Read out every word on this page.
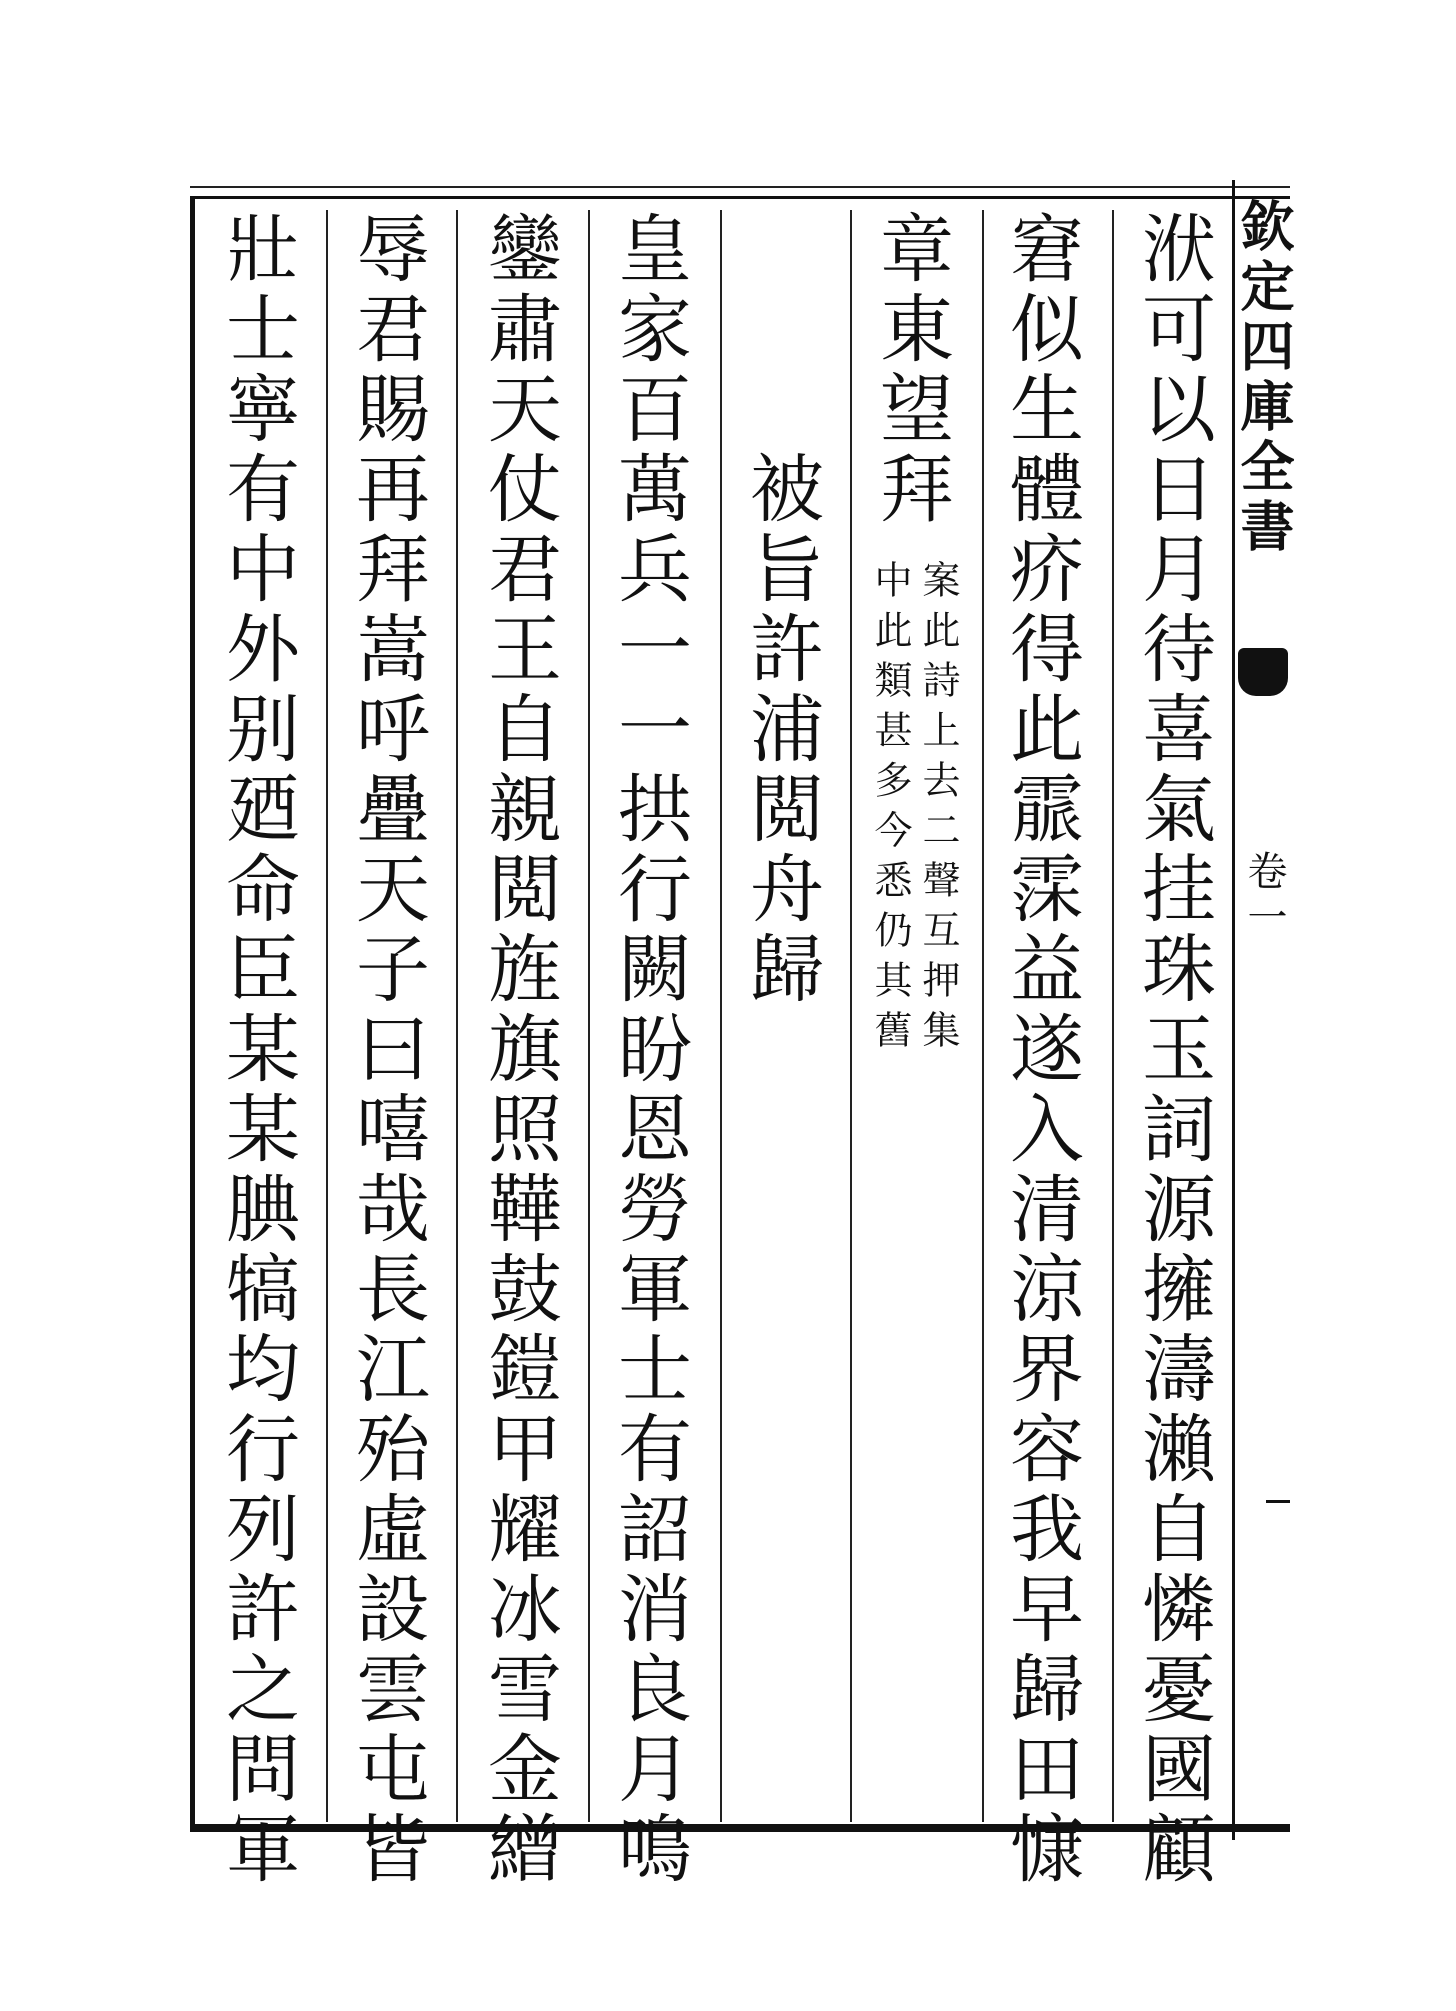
欽定四庫全書
卷一
洑可以日月待喜氣挂珠玉詞源擁濤瀨自憐憂國顧
窘似生體疥得此霢霂益遂入清涼界容我早歸田慷
章東望拜
案此詩上去二聲互押集
中此類甚多今悉仍其舊
被旨許浦閲舟歸
皇家百萬兵一一拱行闕盼恩勞軍士有詔消良月鳴
鑾肅天仗君王自親閲旌旗照鞾鼓鎧甲耀冰雪金繒
辱君賜再拜嵩呼疊天子曰嘻哉長江殆虛設雲屯皆
壯士寧有中外别廼命臣某某腆犒均行列許之問軍
